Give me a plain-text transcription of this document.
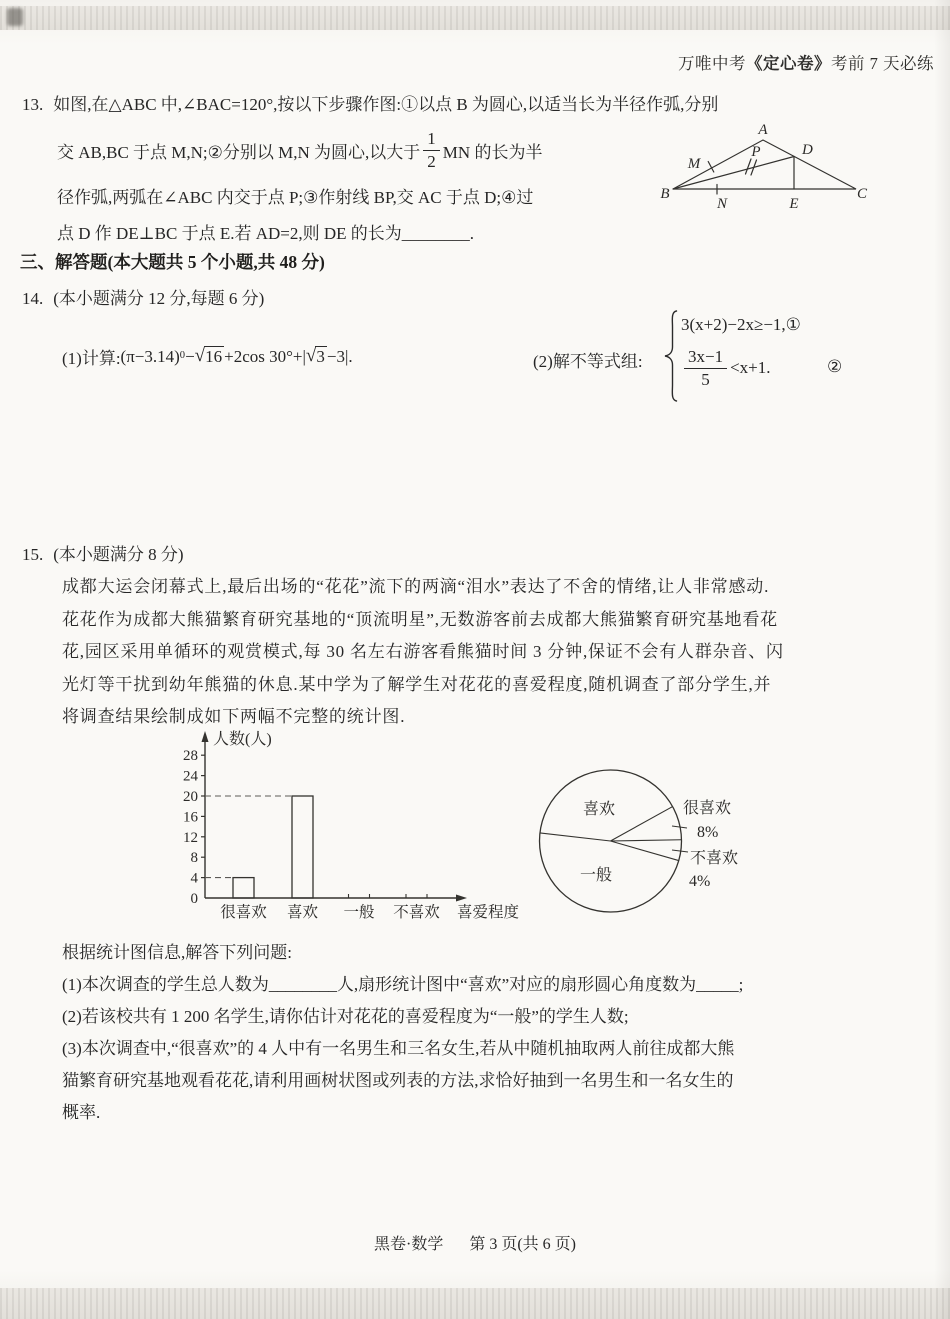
万唯中考《定心卷》考前 7 天必练
13. 如图,在△ABC 中,∠BAC=120°,按以下步骤作图:①以点 B 为圆心,以适当长为半径作弧,分别
交 AB,BC 于点 M,N;②分别以 M,N 为圆心,以大于 $\frac{1}{2}$ MN 的长为半
径作弧,两弧在∠ABC 内交于点 P;③作射线 BP,交 AC 于点 D;④过
点 D 作 DE⊥BC 于点 E.若 AD=2,则 DE 的长为________.
A
B	C
D
E
M
N
P
三、解答题(本大题共 5 个小题,共 48 分)
14. (本小题满分 12 分,每题 6 分)
(1)计算: (π−3.14) 0 − √ 16 +2cos 30°+| √ 3 −3|.	(2)解不等式组:
3(x+2)−2x≥−1,①
$\frac{3x-1}{5} <x+1$.	②
15. (本小题满分 8 分)
成都大运会闭幕式上,最后出场的“花花”流下的两滴“泪水”表达了不舍的情绪,让人非常感动.
花花作为成都大熊猫繁育研究基地的“顶流明星”,无数游客前去成都大熊猫繁育研究基地看花
花,园区采用单循环的观赏模式,每 30 名左右游客看熊猫时间 3 分钟,保证不会有人群杂音、闪
光灯等干扰到幼年熊猫的休息.某中学为了解学生对花花的喜爱程度,随机调查了部分学生,并
将调查结果绘制成如下两幅不完整的统计图.
0
4
8
12
16
20
24
28
很喜欢 喜欢 一般 不喜欢
人数(人)
喜爱程度
喜欢	很喜欢
8%
不喜欢
4%
一般
根据统计图信息,解答下列问题:
(1)本次调查的学生总人数为________人,扇形统计图中“喜欢”对应的扇形圆心角度数为_____;
(2)若该校共有 1 200 名学生,请你估计对花花的喜爱程度为“一般”的学生人数;
(3)本次调查中,“很喜欢”的 4 人中有一名男生和三名女生,若从中随机抽取两人前往成都大熊
猫繁育研究基地观看花花,请利用画树状图或列表的方法,求恰好抽到一名男生和一名女生的
概率.
黑卷·数学 第 3 页(共 6 页)
